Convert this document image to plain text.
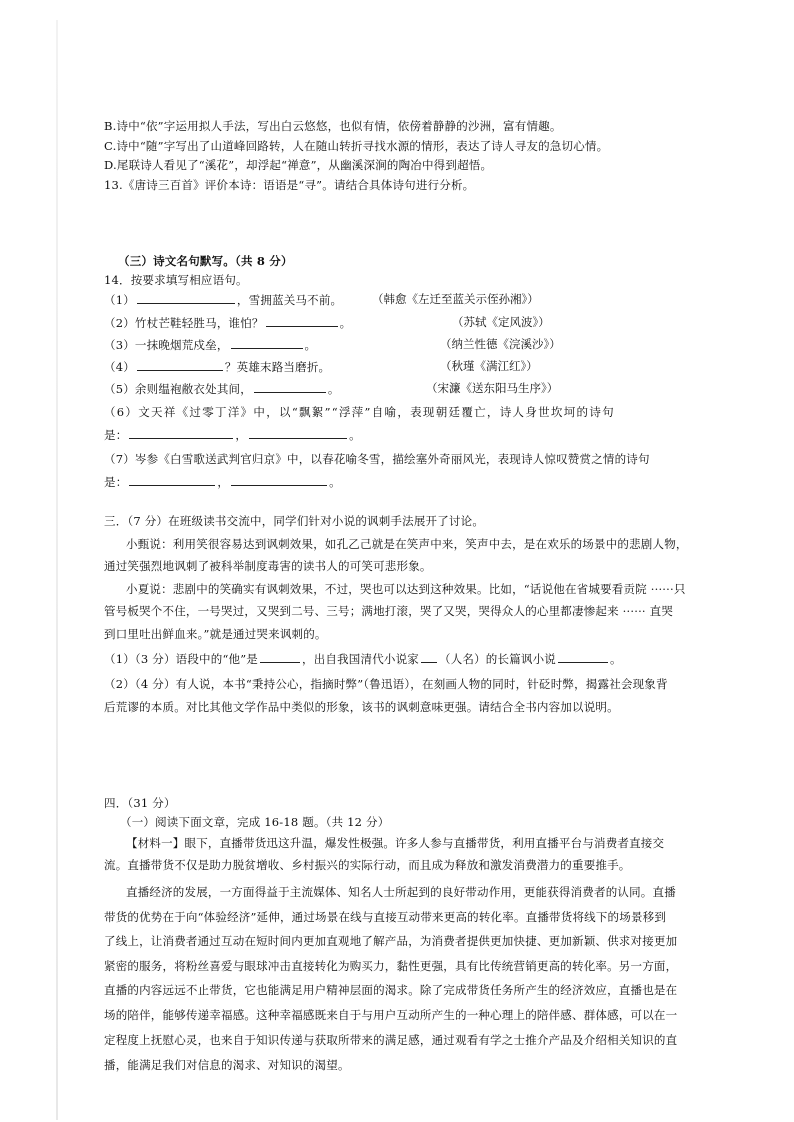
B.诗中“依”字运用拟人手法，写出白云悠悠，也似有情，依傍着静静的沙洲，富有情趣。
C.诗中“随”字写出了山道峰回路转，人在随山转折寻找水源的情形，表达了诗人寻友的急切心情。
D.尾联诗人看见了“溪花”，却浮起“禅意”，从幽溪深涧的陶冶中得到超悟。
13.《唐诗三百首》评价本诗：语语是“寻”。请结合具体诗句进行分析。
（三）诗文名句默写。（共 8 分）
14．按要求填写相应语句。
（1）	，雪拥蓝关马不前。	（韩愈《左迁至蓝关示侄孙湘》）
（2）竹杖芒鞋轻胜马，谁怕？	。	（苏轼《定风波》）
（3）一抹晚烟荒戍垒，	。	（纳兰性德《浣溪沙》）
（4）	？英雄末路当磨折。	（秋瑾《满江红》）
（5）余则缊袍敝衣处其间，	。	（宋濂《送东阳马生序》）
（6）文天祥《过零丁洋》中，以“飘絮”“浮萍”自喻，表现朝廷覆亡，诗人身世坎坷的诗句
是：	，	。
（7）岑参《白雪歌送武判官归京》中，以春花喻冬雪，描绘塞外奇丽风光，表现诗人惊叹赞赏之情的诗句
是：	，	。
三．（7 分）在班级读书交流中，同学们针对小说的讽刺手法展开了讨论。
小甄说：利用笑很容易达到讽刺效果，如孔乙己就是在笑声中来，笑声中去，是在欢乐的场景中的悲剧人物，
通过笑强烈地讽刺了被科举制度毒害的读书人的可笑可悲形象。
小夏说：悲剧中的笑确实有讽刺效果，不过，哭也可以达到这种效果。比如，“话说他在省城要看贡院 ······只
管号板哭个不住，一号哭过，又哭到二号、三号；满地打滚，哭了又哭，哭得众人的心里都凄惨起来 ······ 直哭
到口里吐出鲜血来。”就是通过哭来讽刺的。
（1）（3 分）语段中的“他”是	，出自我国清代小说家 （人名）的长篇讽小说	。
（2）（4 分）有人说，本书“秉持公心，指摘时弊”（鲁迅语），在刻画人物的同时，针砭时弊，揭露社会现象背
后荒谬的本质。对比其他文学作品中类似的形象，该书的讽刺意味更强。请结合全书内容加以说明。
四．（31 分）
（一）阅读下面文章，完成 16-18 题。（共 12 分）
【材料一】眼下，直播带货迅这升温，爆发性极强。许多人参与直播带货，利用直播平台与消费者直接交
流。直播带货不仅是助力脱贫增收、乡村振兴的实际行动，而且成为释放和激发消费潜力的重要推手。
直播经济的发展，一方面得益于主流媒体、知名人士所起到的良好带动作用，更能获得消费者的认同。直播
带货的优势在于向“体验经济”延伸，通过场景在线与直接互动带来更高的转化率。直播带货将线下的场景移到
了线上，让消费者通过互动在短时间内更加直观地了解产品，为消费者提供更加快捷、更加新颖、供求对接更加
紧密的服务，将粉丝喜爱与眼球冲击直接转化为购买力，黏性更强，具有比传统营销更高的转化率。另一方面，
直播的内容远远不止带货，它也能满足用户精神层面的渴求。除了完成带货任务所产生的经济效应，直播也是在
场的陪伴，能够传递幸福感。这种幸福感既来自于与用户互动所产生的一种心理上的陪伴感、群体感，可以在一
定程度上抚慰心灵，也来自于知识传递与获取所带来的满足感，通过观看有学之士推介产品及介绍相关知识的直
播，能满足我们对信息的渴求、对知识的渴望。
